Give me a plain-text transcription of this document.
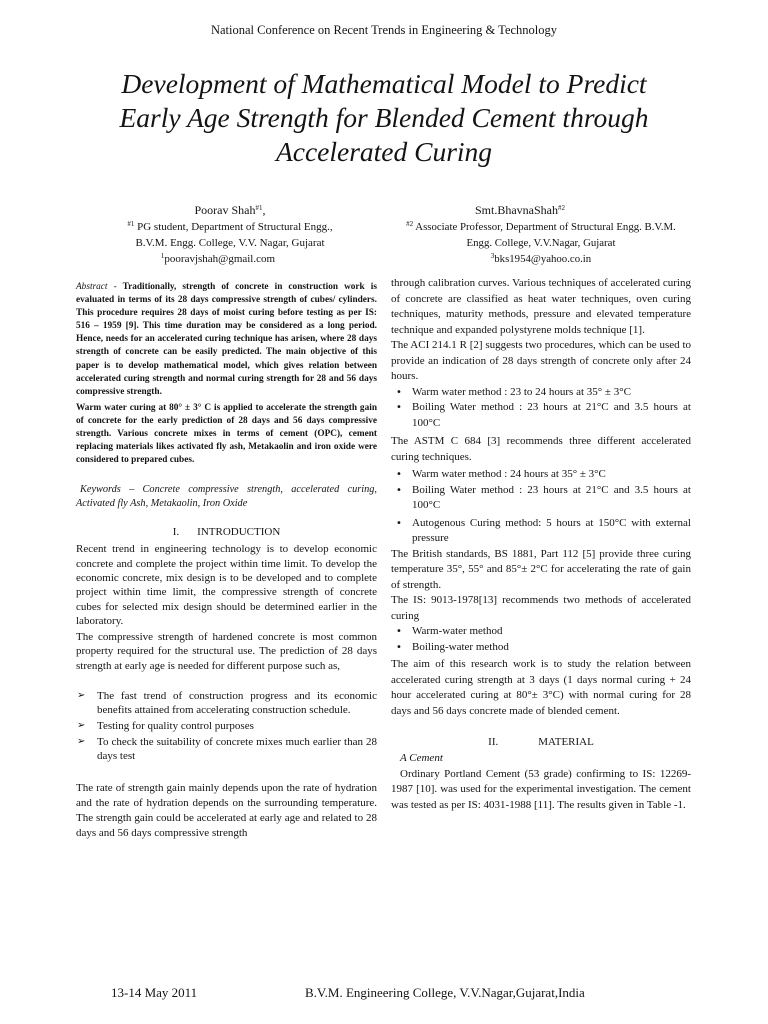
National Conference on Recent Trends in Engineering & Technology
Development of Mathematical Model to Predict
Early Age Strength for Blended Cement through
Accelerated Curing
Poorav Shah$^{\#1}$,
$^{\#1}$ PG student, Department of Structural Engg.,
B.V.M. Engg. College, V.V. Nagar, Gujarat
$^1$pooravjshah@gmail.com
Smt.BhavnaShah$^{\#2}$
$^{\#2}$ Associate Professor, Department of Structural Engg. B.V.M.
Engg. College, V.V.Nagar, Gujarat
$^3$bks1954@yahoo.co.in

Abstract - Traditionally, strength of concrete in construction work is evaluated in terms of its 28 days compressive strength of cubes/ cylinders. This procedure requires 28 days of moist curing before testing as per IS: 516 – 1959 [9]. This time duration may be considered as a long period. Hence, needs for an accelerated curing technique has arisen, where 28 days strength of concrete can be easily predicted. The main objective of this paper is to develop mathematical model, which gives relation between accelerated curing strength and normal curing strength for 28 and 56 days compressive strength.

Warm water curing at 80° ± 3° C is applied to accelerate the strength gain of concrete for the early prediction of 28 days and 56 days compressive strength. Various concrete mixes in terms of cement (OPC), cement replacing materials likes activated fly ash, Metakaolin and iron oxide were considered to prepared cubes.

Keywords – Concrete compressive strength, accelerated curing, Activated fly Ash, Metakaolin, Iron Oxide

I. INTRODUCTION

Recent trend in engineering technology is to develop economic concrete and complete the project within time limit. To develop the economic concrete, mix design is to be developed and to complete project within time limit, the compressive strength of concrete cubes for selected mix design should be determined earlier in the laboratory.

The compressive strength of hardened concrete is most common property required for the structural use. The prediction of 28 days strength at early age is needed for different purpose such as,

➢
The fast trend of construction progress and its economic benefits attained from accelerating construction schedule.
➢
Testing for quality control purposes
➢
To check the suitability of concrete mixes much earlier than 28 days test

The rate of strength gain mainly depends upon the rate of hydration and the rate of hydration depends on the surrounding temperature. The strength gain could be accelerated at early age and related to 28 days and 56 days compressive strength

through calibration curves. Various techniques of accelerated curing of concrete are classified as heat water techniques, oven curing techniques, maturity methods, pressure and elevated temperature technique and expanded polystyrene molds technique [1].

The ACI 214.1 R [2] suggests two procedures, which can be used to provide an indication of 28 days strength of concrete only after 24 hours.

•
Warm water method : 23 to 24 hours at 35° ± 3°C
•
Boiling Water method : 23 hours at 21°C and 3.5 hours at 100°C

The ASTM C 684 [3] recommends three different accelerated curing techniques.

•
Warm water method : 24 hours at 35° ± 3°C
•
Boiling Water method : 23 hours at 21°C and 3.5 hours at 100°C
•
Autogenous Curing method: 5 hours at 150°C with external pressure

The British standards, BS 1881, Part 112 [5] provide three curing temperature 35°, 55° and 85°± 2°C for accelerating the rate of gain of strength.

The IS: 9013-1978[13] recommends two methods of accelerated curing

•
Warm-water method
•
Boiling-water method

The aim of this research work is to study the relation between accelerated curing strength at 3 days (1 days normal curing + 24 hour accelerated curing at 80°± 3°C) with normal curing for 28 days and 56 days concrete made of blended cement.

II.	MATERIAL
A Cement

Ordinary Portland Cement (53 grade) confirming to IS: 12269-1987 [10]. was used for the experimental investigation. The cement was tested as per IS: 4031-1988 [11]. The results given in Table -1.

13-14 May 2011	B.V.M. Engineering College, V.V.Nagar,Gujarat,India
